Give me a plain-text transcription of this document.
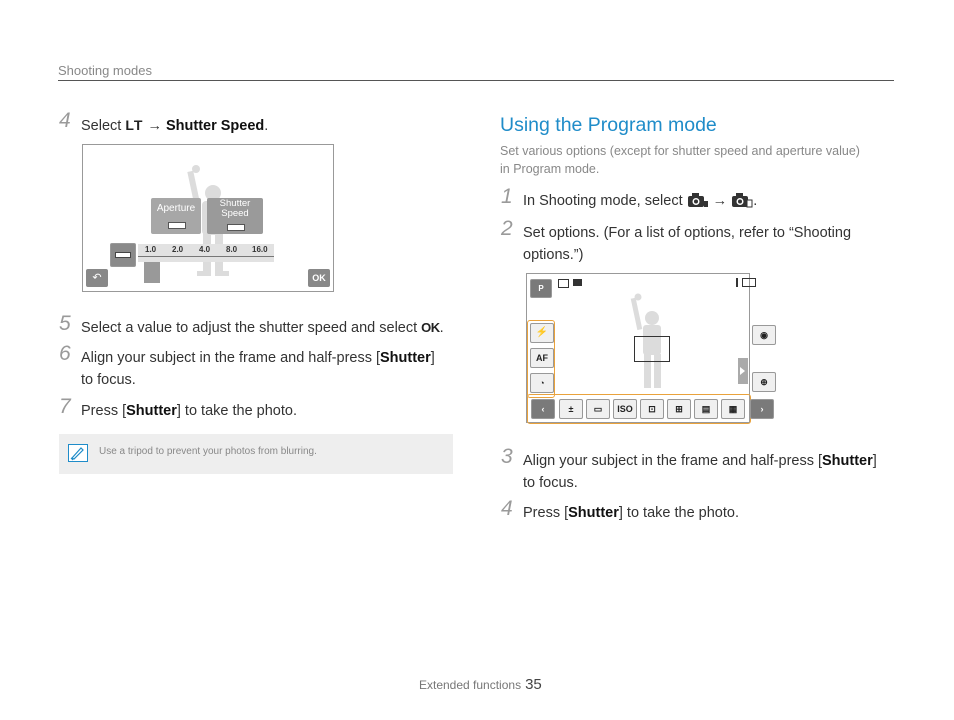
Shooting modes
4 Select LT → Shutter Speed.
Aperture	Shutter
Speed
↶	OK
1.0 2.0 4.0 8.0 16.0
5 Select a value to adjust the shutter speed and select OK.
6 Align your subject in the frame and half-press [Shutter]
to focus.
7 Press [Shutter] to take the photo.
Use a tripod to prevent your photos from blurring.
Using the Program mode
Set various options (except for shutter speed and aperture value)
in Program mode.
1 In Shooting mode, select  → .
2 Set options. (For a list of options, refer to “Shooting
options.”)
P
⚡
AF
◔
◉
⊕
‹	±	▭	ISO	⊡	⊞	▤	▦	›
3 Align your subject in the frame and half-press [Shutter]
to focus.
4 Press [Shutter] to take the photo.
Extended functions 35
